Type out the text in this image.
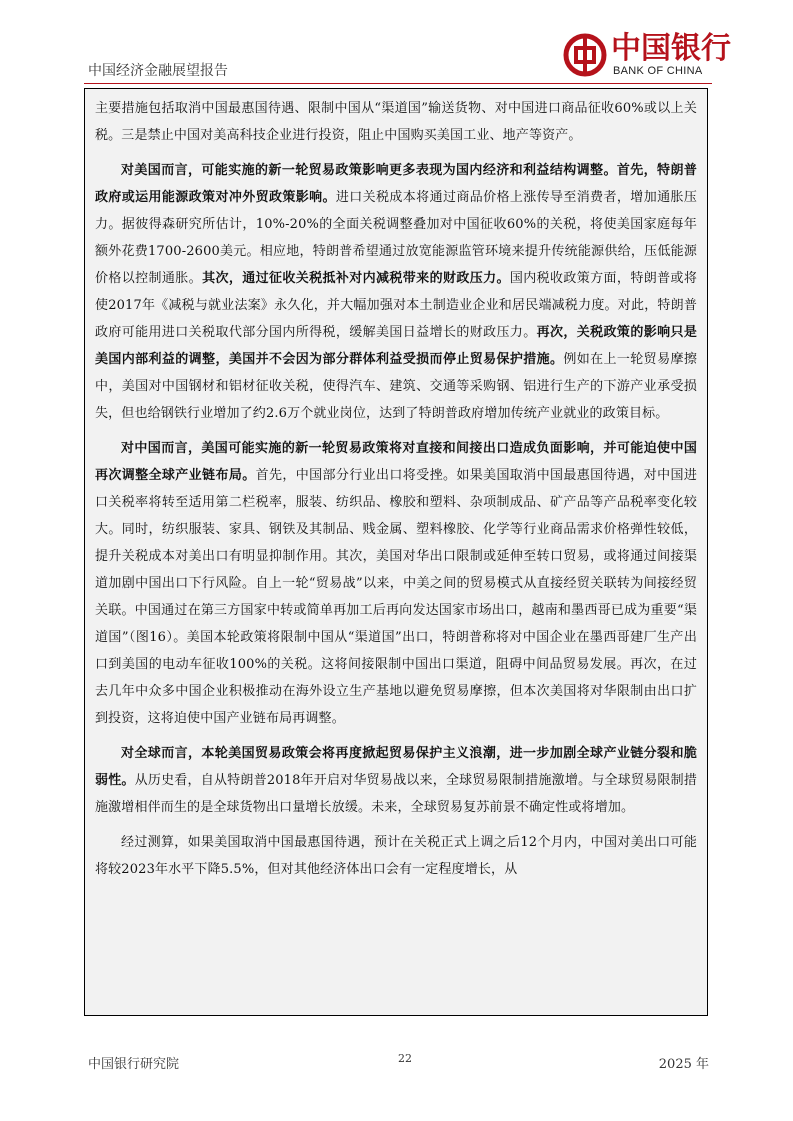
中国经济金融展望报告
中国银行
BANK OF CHINA

主要措施包括取消中国最惠国待遇、限制中国从“渠道国”输送货物、对中国进口商品征收60%或以上关税。三是禁止中国对美高科技企业进行投资，阻止中国购买美国工业、地产等资产。

对美国而言，可能实施的新一轮贸易政策影响更多表现为国内经济和利益结构调整。首先，特朗普政府或运用能源政策对冲外贸政策影响。进口关税成本将通过商品价格上涨传导至消费者，增加通胀压力。据彼得森研究所估计，10%-20%的全面关税调整叠加对中国征收60%的关税，将使美国家庭每年额外花费1700-2600美元。相应地，特朗普希望通过放宽能源监管环境来提升传统能源供给，压低能源价格以控制通胀。其次，通过征收关税抵补对内减税带来的财政压力。国内税收政策方面，特朗普或将使2017年《减税与就业法案》永久化，并大幅加强对本土制造业企业和居民端减税力度。对此，特朗普政府可能用进口关税取代部分国内所得税，缓解美国日益增长的财政压力。再次，关税政策的影响只是美国内部利益的调整，美国并不会因为部分群体利益受损而停止贸易保护措施。例如在上一轮贸易摩擦中，美国对中国钢材和铝材征收关税，使得汽车、建筑、交通等采购钢、铝进行生产的下游产业承受损失，但也给钢铁行业增加了约2.6万个就业岗位，达到了特朗普政府增加传统产业就业的政策目标。

对中国而言，美国可能实施的新一轮贸易政策将对直接和间接出口造成负面影响，并可能迫使中国再次调整全球产业链布局。首先，中国部分行业出口将受挫。如果美国取消中国最惠国待遇，对中国进口关税率将转至适用第二栏税率，服装、纺织品、橡胶和塑料、杂项制成品、矿产品等产品税率变化较大。同时，纺织服装、家具、钢铁及其制品、贱金属、塑料橡胶、化学等行业商品需求价格弹性较低，提升关税成本对美出口有明显抑制作用。其次，美国对华出口限制或延伸至转口贸易，或将通过间接渠道加剧中国出口下行风险。自上一轮“贸易战”以来，中美之间的贸易模式从直接经贸关联转为间接经贸关联。中国通过在第三方国家中转或简单再加工后再向发达国家市场出口，越南和墨西哥已成为重要“渠道国”（图16）。美国本轮政策将限制中国从“渠道国”出口，特朗普称将对中国企业在墨西哥建厂生产出口到美国的电动车征收100%的关税。这将间接限制中国出口渠道，阻碍中间品贸易发展。再次，在过去几年中众多中国企业积极推动在海外设立生产基地以避免贸易摩擦，但本次美国将对华限制由出口扩到投资，这将迫使中国产业链布局再调整。

对全球而言，本轮美国贸易政策会将再度掀起贸易保护主义浪潮，进一步加剧全球产业链分裂和脆弱性。从历史看，自从特朗普2018年开启对华贸易战以来，全球贸易限制措施激增。与全球贸易限制措施激增相伴而生的是全球货物出口量增长放缓。未来，全球贸易复苏前景不确定性或将增加。

经过测算，如果美国取消中国最惠国待遇，预计在关税正式上调之后12个月内，中国对美出口可能将较2023年水平下降5.5%，但对其他经济体出口会有一定程度增长，从

中国银行研究院	22	2025 年
